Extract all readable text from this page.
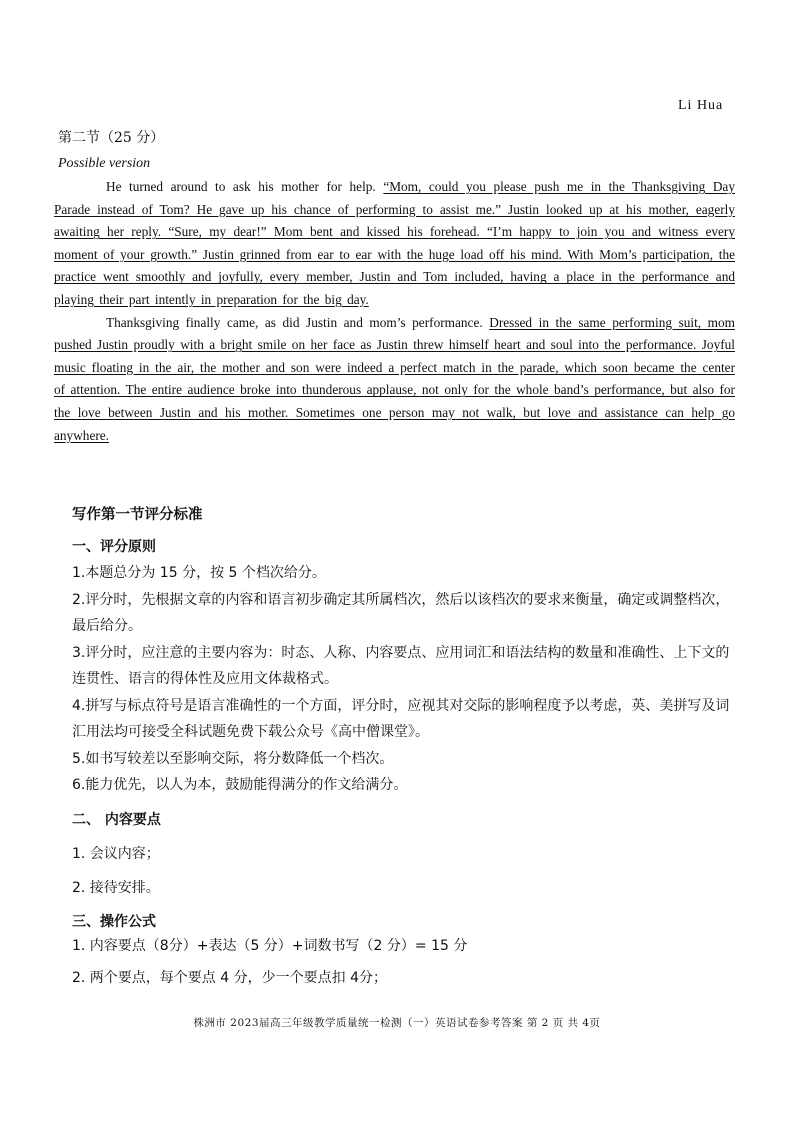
Li Hua
第二节（25 分）
Possible version

He turned around to ask his mother for help. “Mom, could you please push me in the Thanksgiving Day Parade instead of Tom? He gave up his chance of performing to assist me.” Justin looked up at his mother, eagerly awaiting her reply. “Sure, my dear!” Mom bent and kissed his forehead. “I’m happy to join you and witness every moment of your growth.” Justin grinned from ear to ear with the huge load off his mind. With Mom’s participation, the practice went smoothly and joyfully, every member, Justin and Tom included, having a place in the performance and playing their part intently in preparation for the big day.

Thanksgiving finally came, as did Justin and mom’s performance. Dressed in the same performing suit, mom pushed Justin proudly with a bright smile on her face as Justin threw himself heart and soul into the performance. Joyful music floating in the air, the mother and son were indeed a perfect match in the parade, which soon became the center of attention. The entire audience broke into thunderous applause, not only for the whole band’s performance, but also for the love between Justin and his mother. Sometimes one person may not walk, but love and assistance can help go anywhere.

写作第一节评分标准
一、评分原则
1.本题总分为 15 分，按 5 个档次给分。
2.评分时，先根据文章的内容和语言初步确定其所属档次，然后以该档次的要求来衡量，确定或调整档次，最后给分。
3.评分时，应注意的主要内容为：时态、人称、内容要点、应用词汇和语法结构的数量和准确性、上下文的连贯性、语言的得体性及应用文体裁格式。
4.拼写与标点符号是语言准确性的一个方面，评分时，应视其对交际的影响程度予以考虑，英、美拼写及词汇用法均可接受全科试题免费下载公众号《高中僧课堂》。
5.如书写较差以至影响交际，将分数降低一个档次。
6.能力优先，以人为本，鼓励能得满分的作文给满分。
二、 内容要点
1. 会议内容；
2. 接待安排。
三、操作公式
1. 内容要点（8分）+表达（5 分）+词数书写（2 分）= 15 分
2. 两个要点，每个要点 4 分，少一个要点扣 4分；
株洲市 2023届高三年级教学质量统一检测（一）英语试卷参考答案 第 2 页 共 4页
